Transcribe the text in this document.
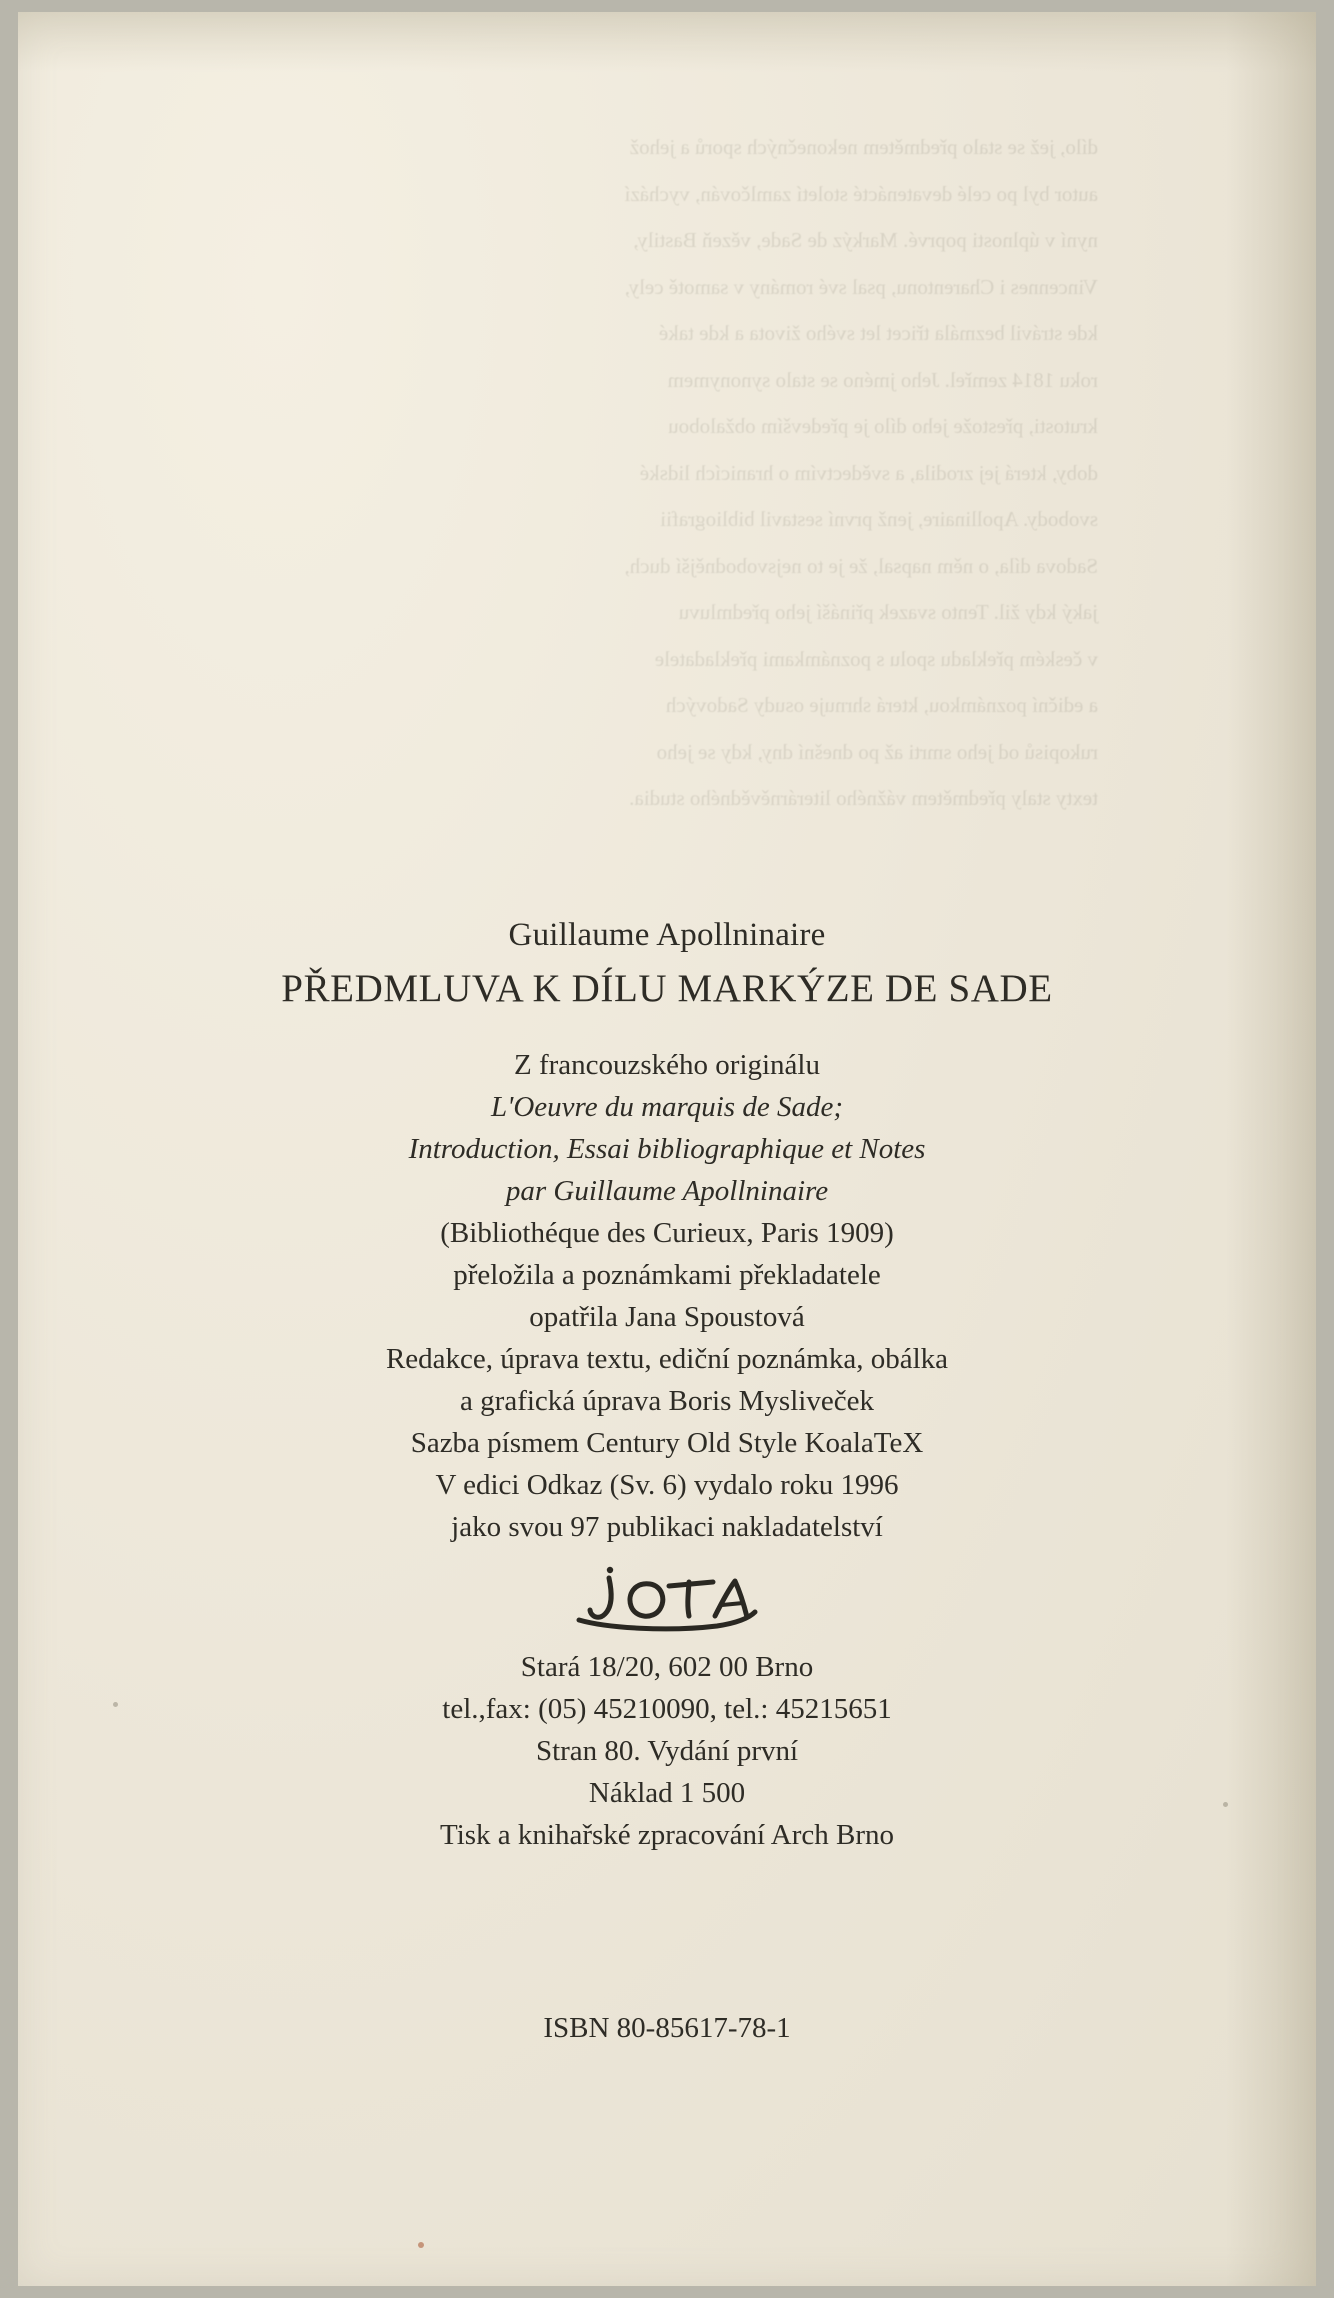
dílo, jež se stalo předmětem nekonečných sporů a jehož

autor byl po celé devatenácté století zamlčován, vychází

nyní v úplnosti poprvé. Markýz de Sade, vězeň Bastily,

Vincennes i Charentonu, psal své romány v samotě cely,

kde strávil bezmála třicet let svého života a kde také

roku 1814 zemřel. Jeho jméno se stalo synonymem

krutosti, přestože jeho dílo je především obžalobou

doby, která jej zrodila, a svědectvím o hranicích lidské

svobody. Apollinaire, jenž první sestavil bibliografii

Sadova díla, o něm napsal, že je to nejsvobodnější duch,

jaký kdy žil. Tento svazek přináší jeho předmluvu

v českém překladu spolu s poznámkami překladatele

a ediční poznámkou, která shrnuje osudy Sadových

rukopisů od jeho smrti až po dnešní dny, kdy se jeho

texty staly předmětem vážného literárněvědného studia.

Guillaume Apollninaire
PŘEDMLUVA K DÍLU MARKÝZE DE SADE
Z francouzského originálu
L'Oeuvre du marquis de Sade;
Introduction, Essai bibliographique et Notes
par Guillaume Apollninaire
(Bibliothéque des Curieux, Paris 1909)
přeložila a poznámkami překladatele
opatřila Jana Spoustová
Redakce, úprava textu, ediční poznámka, obálka
a grafická úprava Boris Mysliveček
Sazba písmem Century Old Style KoalaTeX
V edici Odkaz (Sv. 6) vydalo roku 1996
jako svou 97 publikaci nakladatelství
Stará 18/20, 602 00 Brno
tel.,fax: (05) 45210090, tel.: 45215651
Stran 80. Vydání první
Náklad 1 500
Tisk a knihařské zpracování Arch Brno
ISBN 80-85617-78-1
